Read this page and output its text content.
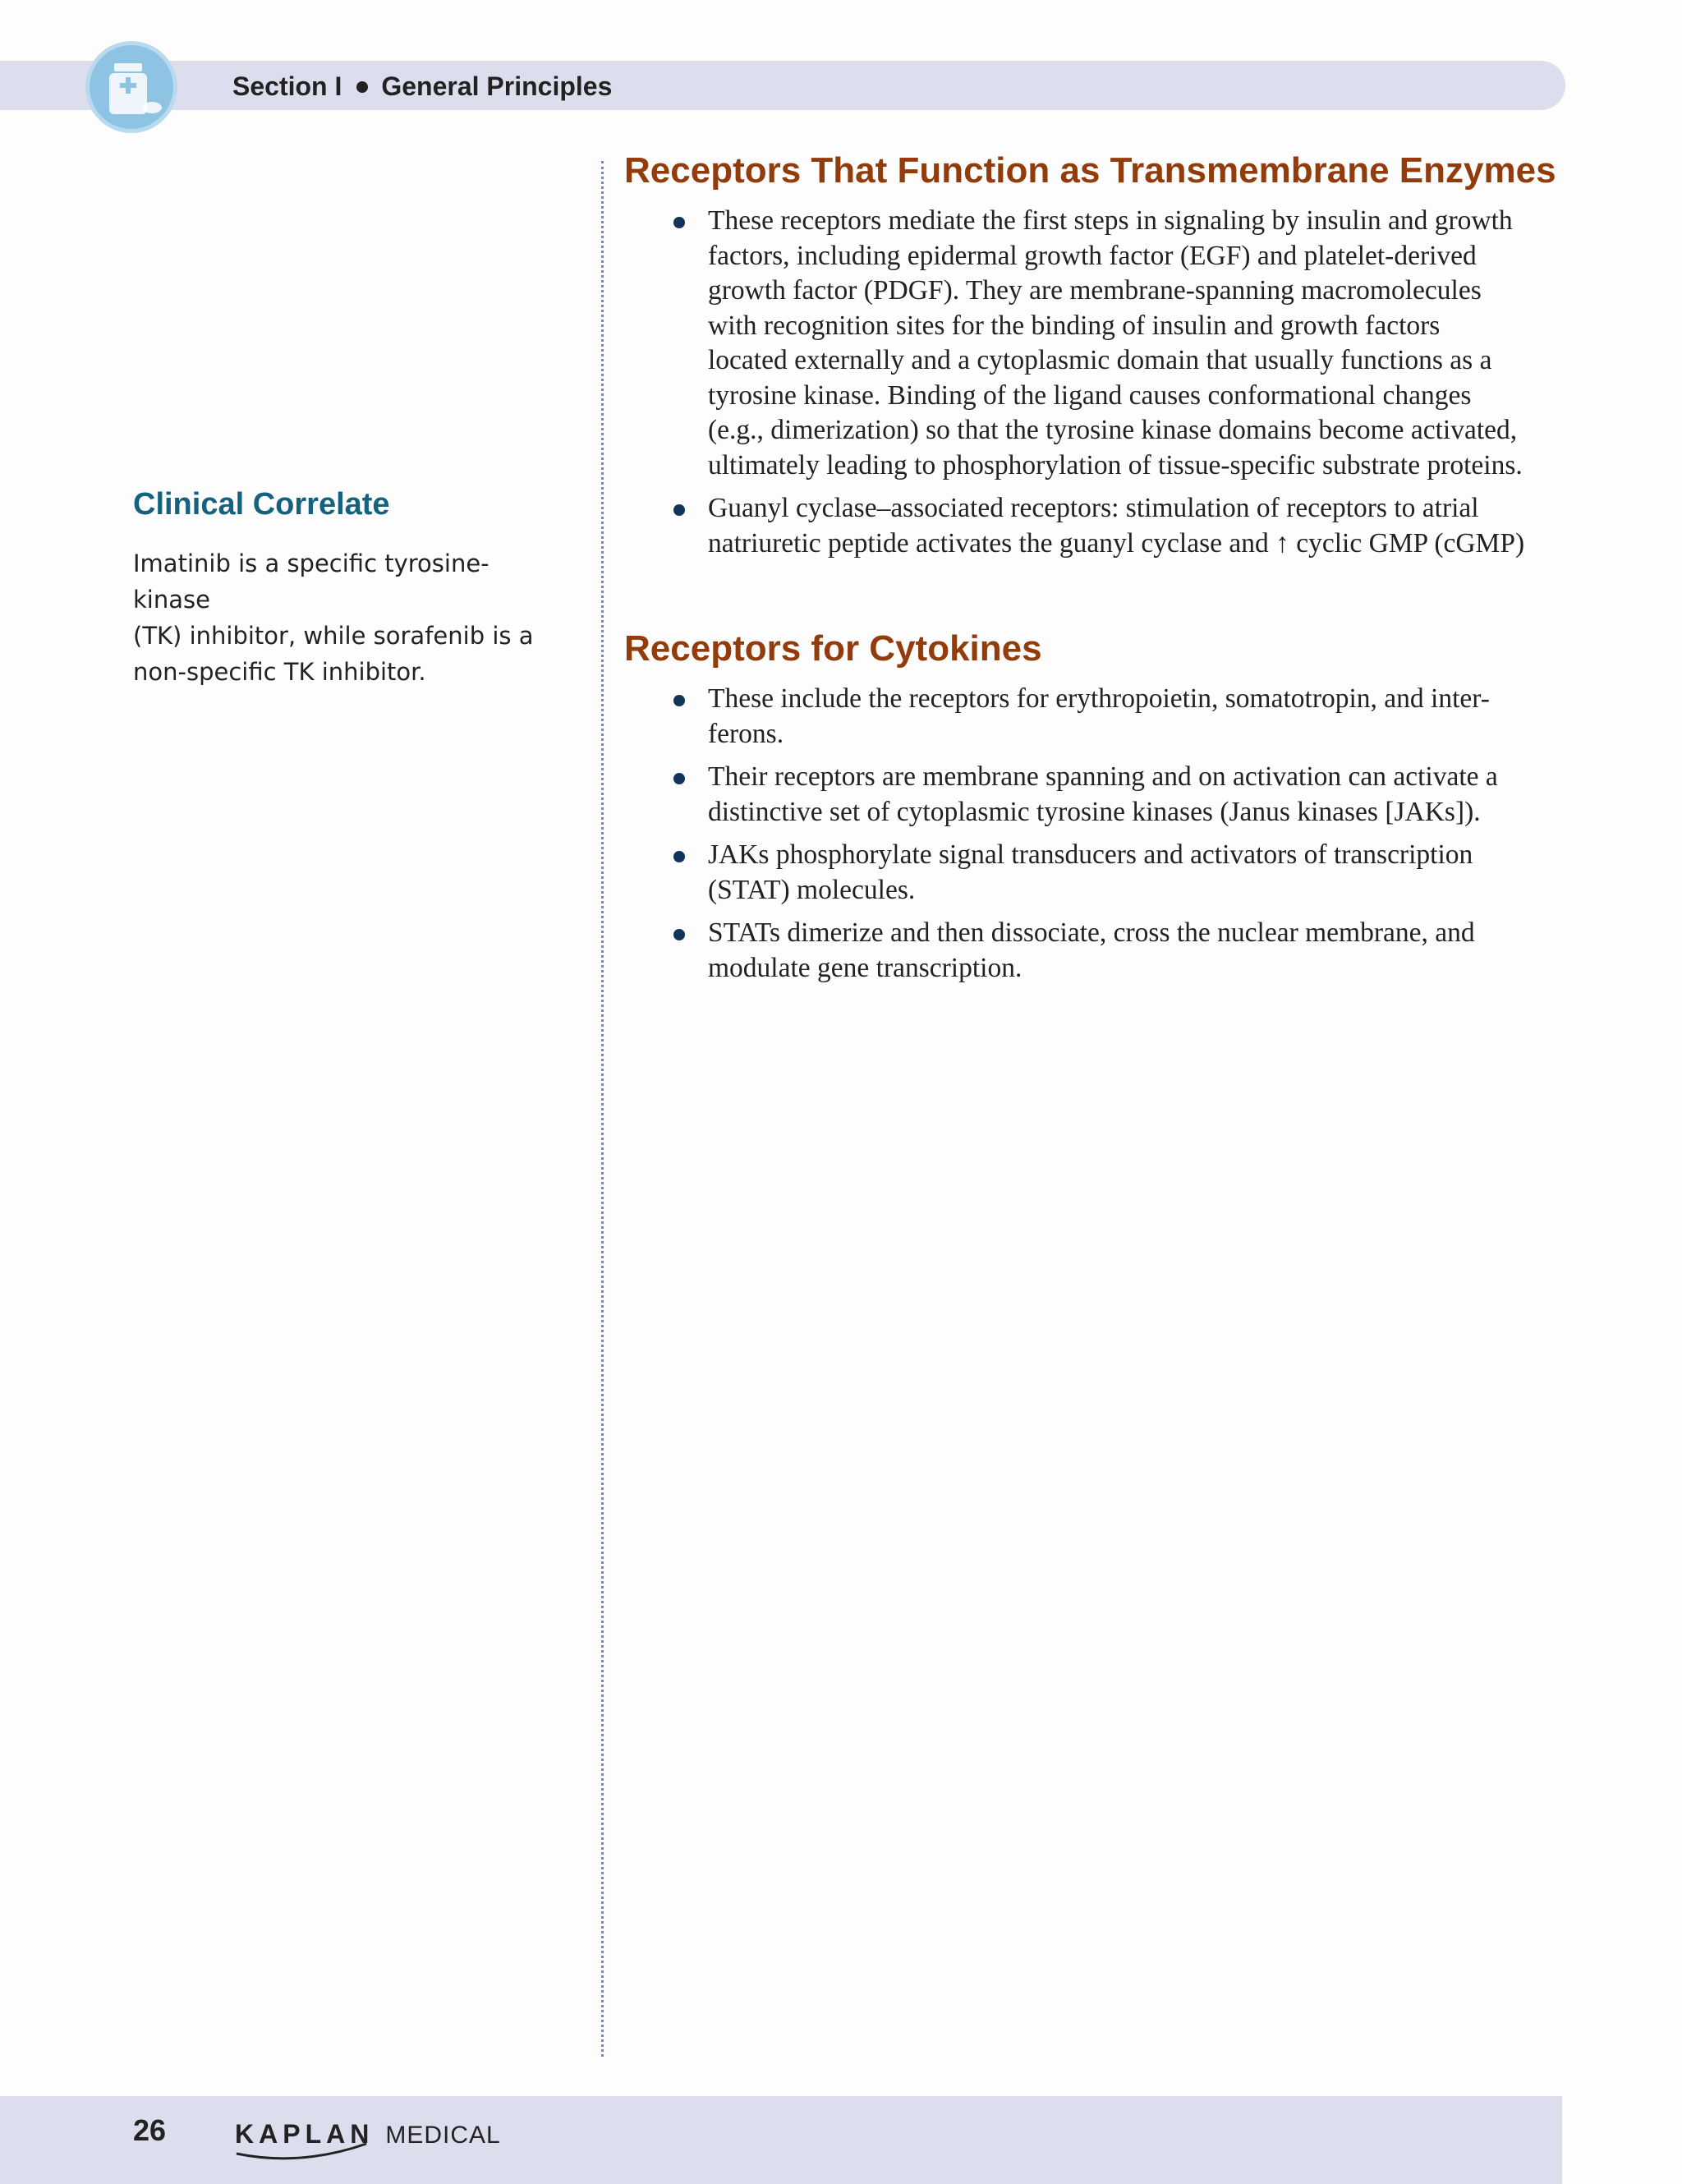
Section I General Principles
Clinical Correlate

Imatinib is a specific tyrosine-kinase
(TK) inhibitor, while sorafenib is a
non-specific TK inhibitor.

Receptors That Function as Transmembrane Enzymes
These receptors mediate the first steps in signaling by insulin and growth
factors, including epidermal growth factor (EGF) and platelet-derived
growth factor (PDGF). They are membrane-spanning macromolecules
with recognition sites for the binding of insulin and growth factors
located externally and a cytoplasmic domain that usually functions as a
tyrosine kinase. Binding of the ligand causes conformational changes
(e.g., dimerization) so that the tyrosine kinase domains become activated,
ultimately leading to phosphorylation of tissue-specific substrate proteins.
Guanyl cyclase–associated receptors: stimulation of receptors to atrial
natriuretic peptide activates the guanyl cyclase and ↑ cyclic GMP (cGMP)
Receptors for Cytokines
These include the receptors for erythropoietin, somatotropin, and inter-
ferons.
Their receptors are membrane spanning and on activation can activate a
distinctive set of cytoplasmic tyrosine kinases (Janus kinases [JAKs]).
JAKs phosphorylate signal transducers and activators of transcription
(STAT) molecules.
STATs dimerize and then dissociate, cross the nuclear membrane, and
modulate gene transcription.
26	KAPLAN MEDICAL
